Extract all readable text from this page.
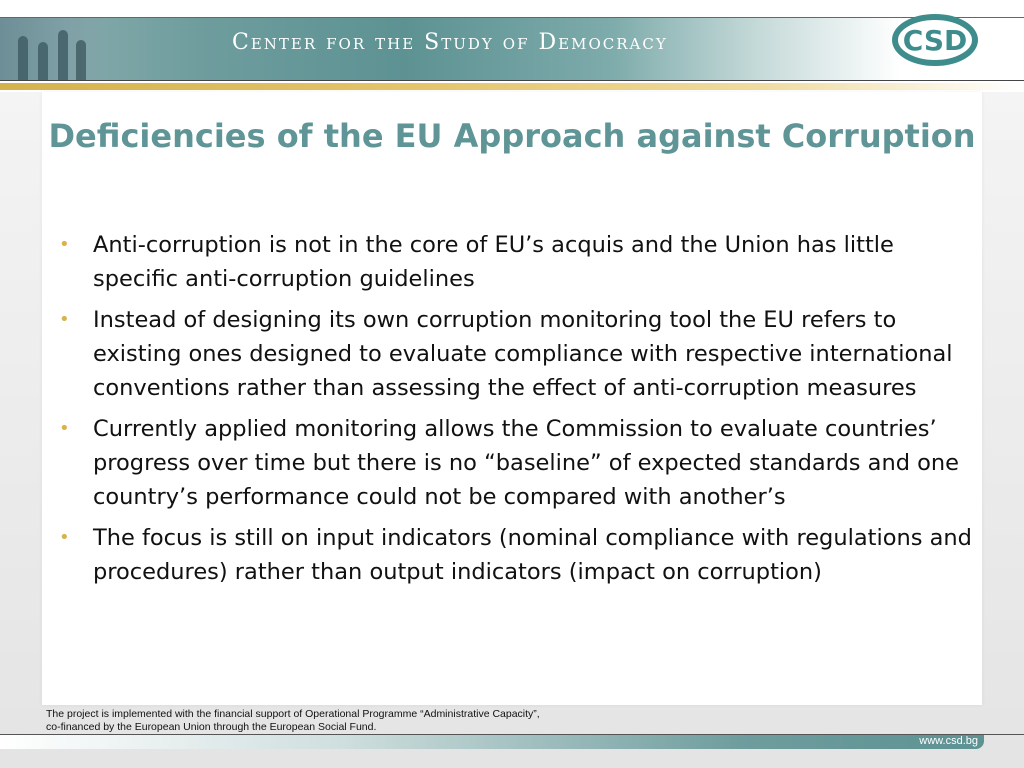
Center for the Study of Democracy	CSD
Deficiencies of the EU Approach against Corruption
• Anti-corruption is not in the core of EU’s acquis and the Union has little specific anti-corruption guidelines
• Instead of designing its own corruption monitoring tool the EU refers to existing ones designed to evaluate compliance with respective international conventions rather than assessing the effect of anti-corruption measures
• Currently applied monitoring allows the Commission to evaluate countries’ progress over time but there is no “baseline” of expected standards and one country’s performance could not be compared with another’s
• The focus is still on input indicators (nominal compliance with regulations and procedures) rather than output indicators (impact on corruption)
The project is implemented with the financial support of Operational Programme “Administrative Capacity”,
co-financed by the European Union through the European Social Fund.
www.csd.bg
